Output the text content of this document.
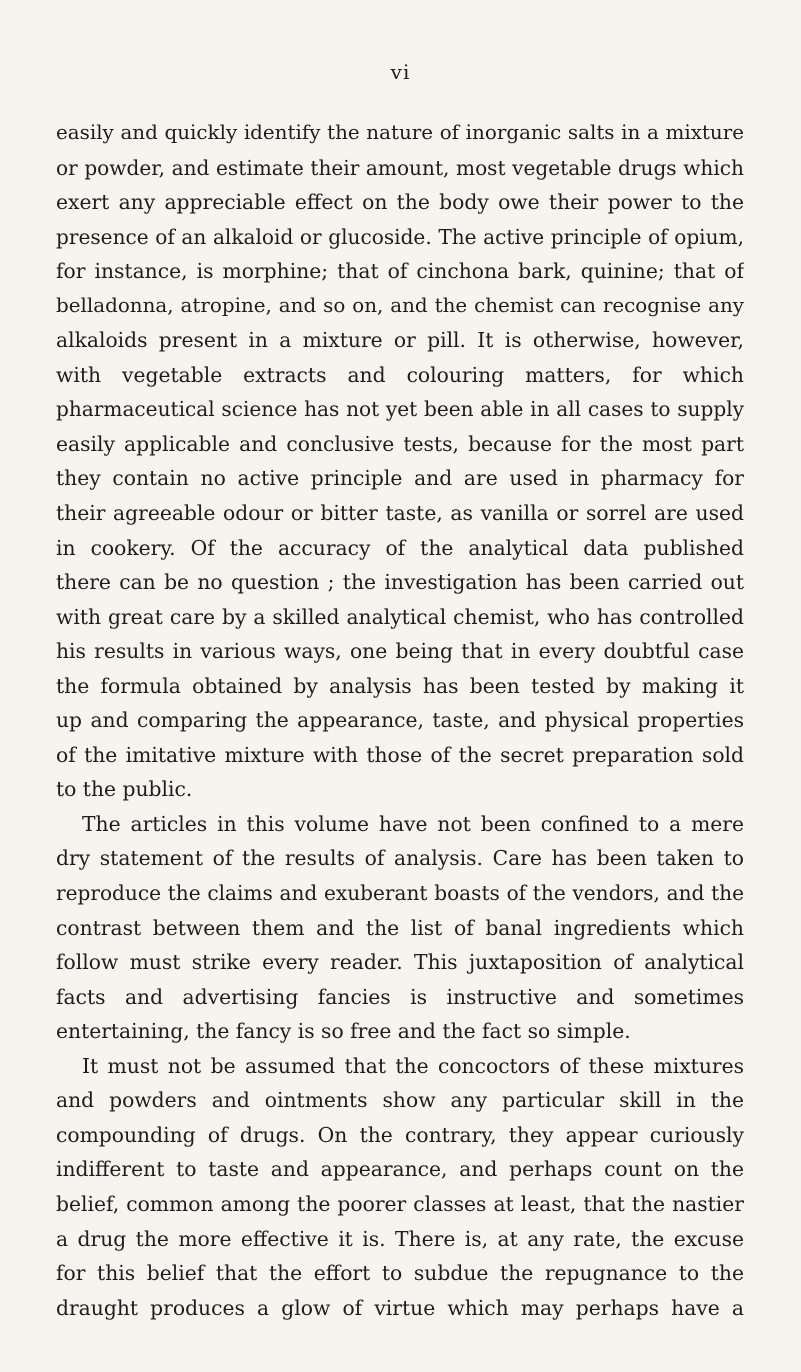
vi
easily and quickly identify the nature of inorganic salts in a mixture
or powder, and estimate their amount, most vegetable drugs which
exert any appreciable effect on the body owe their power to the
presence of an alkaloid or glucoside. The active principle of opium,
for instance, is morphine; that of cinchona bark, quinine; that of
belladonna, atropine, and so on, and the chemist can recognise any
alkaloids present in a mixture or pill. It is otherwise, however,
with vegetable extracts and colouring matters, for which
pharmaceutical science has not yet been able in all cases to supply
easily applicable and conclusive tests, because for the most part
they contain no active principle and are used in pharmacy for
their agreeable odour or bitter taste, as vanilla or sorrel are used
in cookery. Of the accuracy of the analytical data published
there can be no question ; the investigation has been carried out
with great care by a skilled analytical chemist, who has controlled
his results in various ways, one being that in every doubtful case
the formula obtained by analysis has been tested by making it
up and comparing the appearance, taste, and physical properties
of the imitative mixture with those of the secret preparation sold
to the public.
The articles in this volume have not been confined to a mere
dry statement of the results of analysis. Care has been taken to
reproduce the claims and exuberant boasts of the vendors, and the
contrast between them and the list of banal ingredients which
follow must strike every reader. This juxtaposition of analytical
facts and advertising fancies is instructive and sometimes
entertaining, the fancy is so free and the fact so simple.
It must not be assumed that the concoctors of these mixtures
and powders and ointments show any particular skill in the
compounding of drugs. On the contrary, they appear curiously
indifferent to taste and appearance, and perhaps count on the
belief, common among the poorer classes at least, that the nastier
a drug the more effective it is. There is, at any rate, the excuse
for this belief that the effort to subdue the repugnance to the
draught produces a glow of virtue which may perhaps have a
